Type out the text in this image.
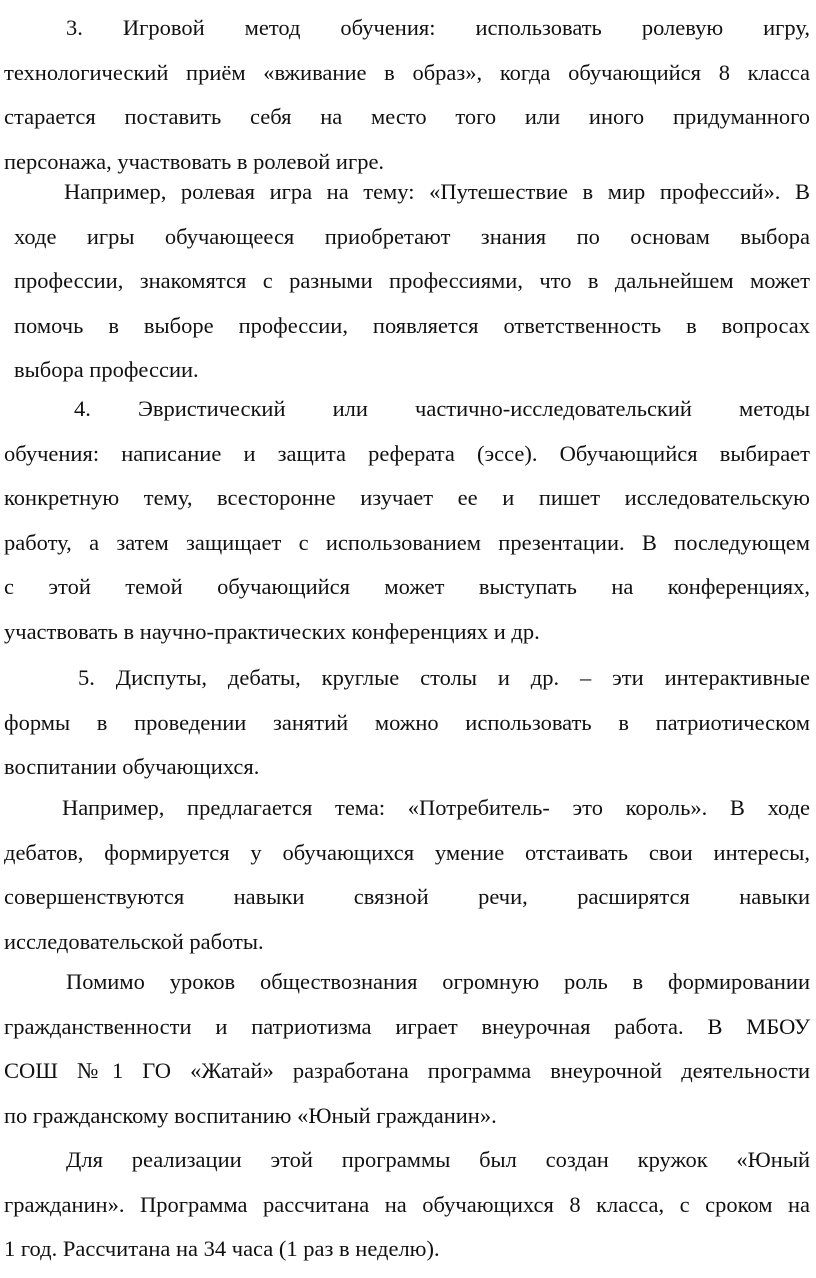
3. Игровой метод обучения: использовать ролевую игру,
технологический приём «вживание в образ», когда обучающийся 8 класса
старается поставить себя на место того или иного придуманного
персонажа, участвовать в ролевой игре.
Например, ролевая игра на тему: «Путешествие в мир профессий». В
ходе игры обучающееся приобретают знания по основам выбора
профессии, знакомятся с разными профессиями, что в дальнейшем может
помочь в выборе профессии, появляется ответственность в вопросах
выбора профессии.
4. Эвристический или частично-исследовательский методы
обучения: написание и защита реферата (эссе). Обучающийся выбирает
конкретную тему, всесторонне изучает ее и пишет исследовательскую
работу, а затем защищает с использованием презентации. В последующем
с этой темой обучающийся может выступать на конференциях,
участвовать в научно-практических конференциях и др.
5. Диспуты, дебаты, круглые столы и др. – эти интерактивные
формы в проведении занятий можно использовать в патриотическом
воспитании обучающихся.
Например, предлагается тема: «Потребитель- это король». В ходе
дебатов, формируется у обучающихся умение отстаивать свои интересы,
совершенствуются навыки связной речи, расширятся навыки
исследовательской работы.
Помимо уроков обществознания огромную роль в формировании
гражданственности и патриотизма играет внеурочная работа. В МБОУ
СОШ №1 ГО «Жатай» разработана программа внеурочной деятельности
по гражданскому воспитанию «Юный гражданин».
Для реализации этой программы был создан кружок «Юный
гражданин». Программа рассчитана на обучающихся 8 класса, с сроком на
1 год. Рассчитана на 34 часа (1 раз в неделю).
